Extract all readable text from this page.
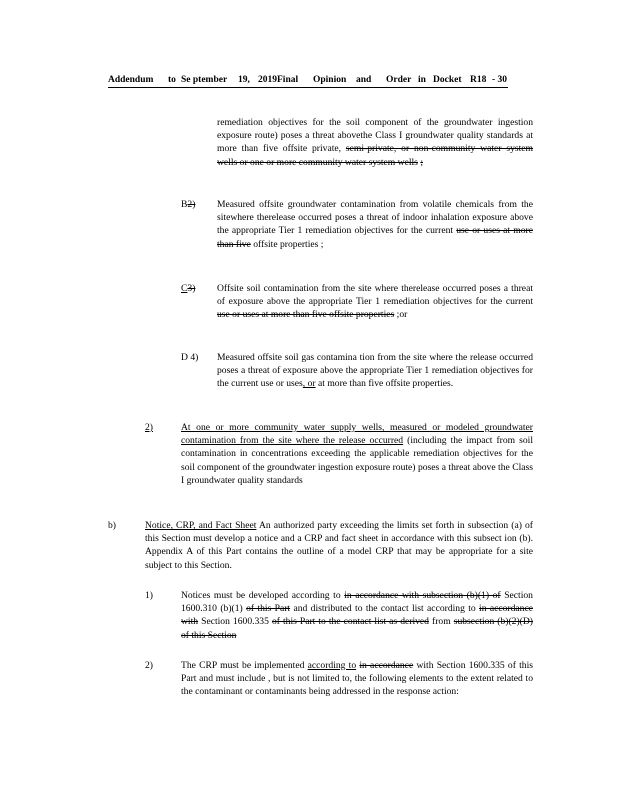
Addendum to Se ptember 19, 2019Final Opinion and Order in Docket R18 - 30
remediation objectives for the soil component of the groundwater ingestion exposure route) poses a threat abovethe Class I groundwater quality standards at more than five offsite private, semi-private, or non-community water system wells or one or more community water system wells ;
B2) Measured offsite groundwater contamination from volatile chemicals from the sitewhere therelease occurred poses a threat of indoor inhalation exposure above the appropriate Tier 1 remediation objectives for the current use or uses at more than five offsite properties ;
C3) Offsite soil contamination from the site where therelease occurred poses a threat of exposure above the appropriate Tier 1 remediation objectives for the current use or uses at more than five offsite properties ;or
D 4) Measured offsite soil gas contamina tion from the site where the release occurred poses a threat of exposure above the appropriate Tier 1 remediation objectives for the current use or uses, or at more than five offsite properties.
2)	At one or more community water supply wells, measured or modeled groundwater contamination from the site where the release occurred (including the impact from soil contamination in concentrations exceeding the applicable remediation objectives for the soil component of the groundwater ingestion exposure route) poses a threat above the Class I groundwater quality standards
b)	Notice, CRP, and Fact Sheet An authorized party exceeding the limits set forth in subsection (a) of this Section must develop a notice and a CRP and fact sheet in accordance with this subsect ion (b). Appendix A of this Part contains the outline of a model CRP that may be appropriate for a site subject to this Section.
1)	Notices must be developed according to in accordance with subsection (b)(1) of Section 1600.310 (b)(1) of this Part and distributed to the contact list according to in accordance with Section 1600.335 of this Part to the contact list as derived from subsection (b)(2)(D) of this Section
2)	The CRP must be implemented according to in accordance with Section 1600.335 of this Part and must include , but is not limited to, the following elements to the extent related to the contaminant or contaminants being addressed in the response action:
